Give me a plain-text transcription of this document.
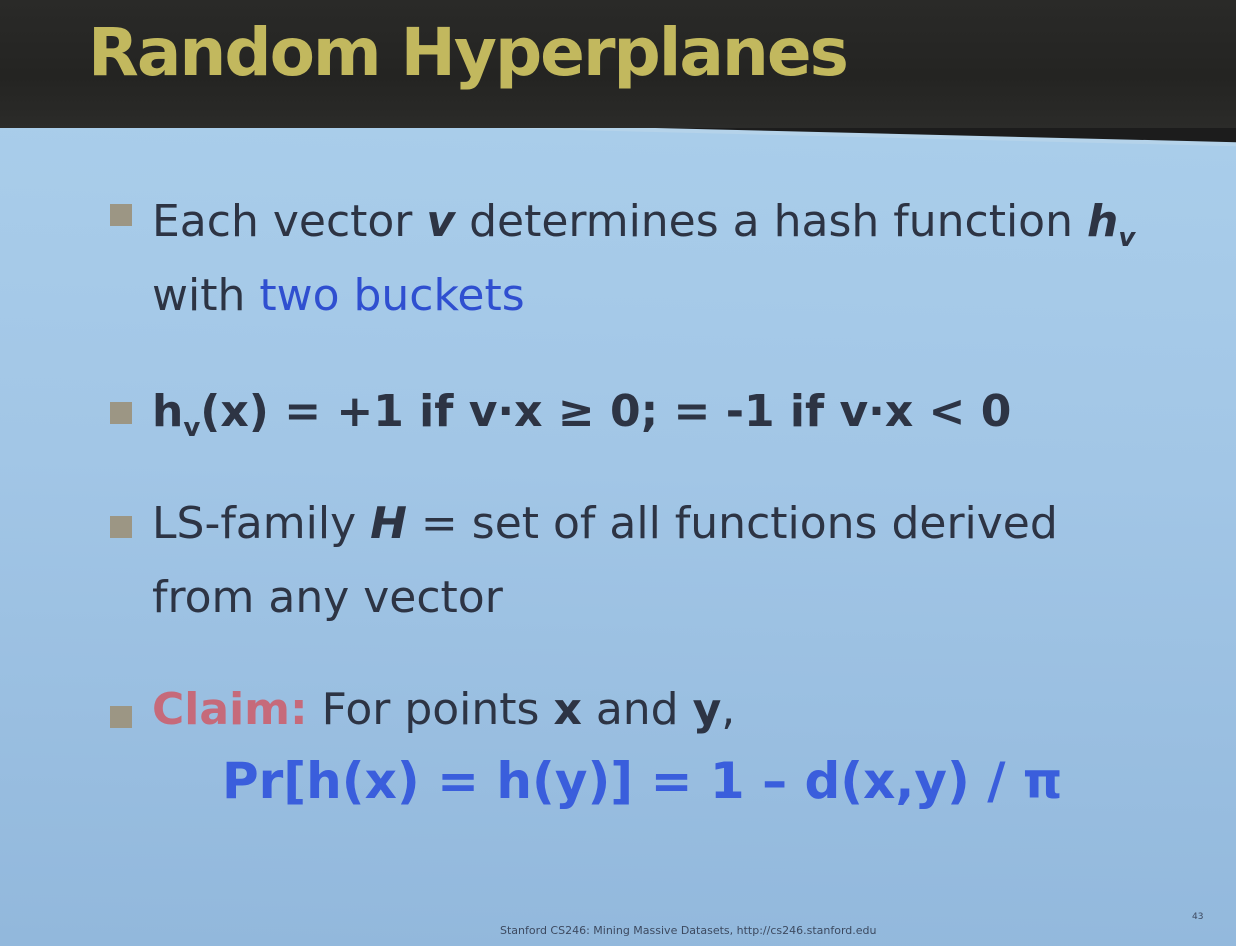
Random Hyperplanes

Each vector v determines a hash function $h_v$

with two buckets

$h_v(x) = +1$ if v·x ≥ 0; = -1 if v·x < 0

LS-family H = set of all functions derived

from any vector

Claim: For points x and y,

Pr[h(x) = h(y)] = 1 – d(x,y) / π

Stanford CS246: Mining Massive Datasets, http://cs246.stanford.edu
43
